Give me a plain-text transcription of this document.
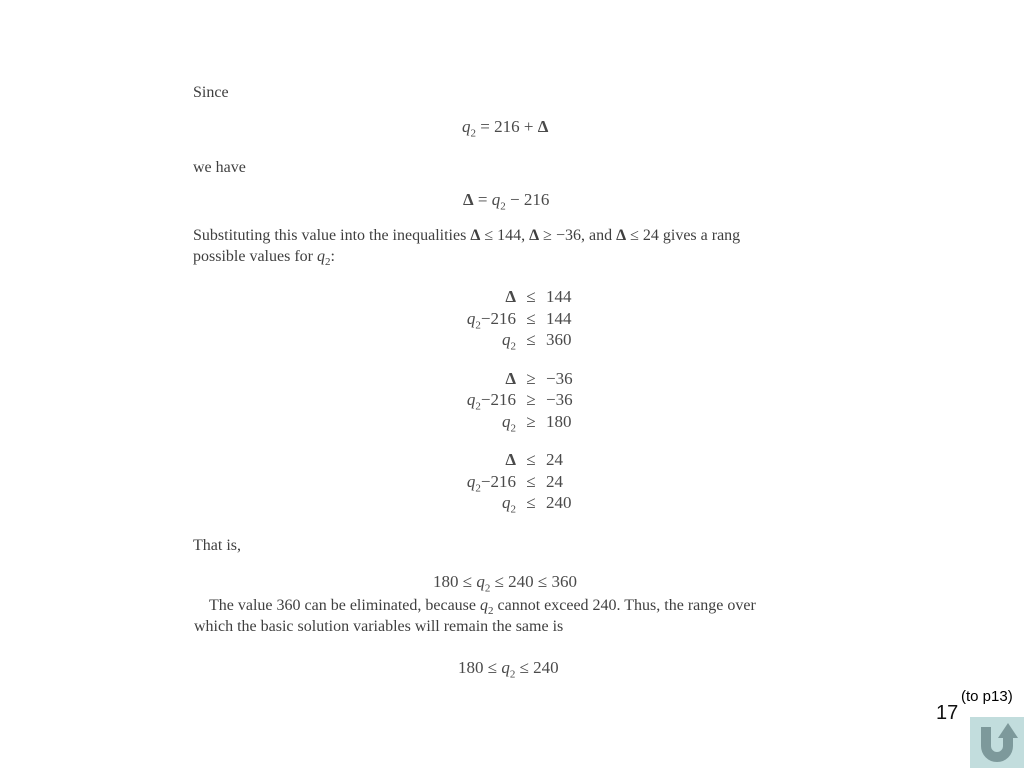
Since
$q_2 = 216 + \Delta$
we have
$\Delta = q_2 - 216$
Substituting this value into the inequalities Δ ≤ 144, Δ ≥ −36, and Δ ≤ 24 gives a rang
possible values for $q_2$:
Δ ≤ 144
$q_2-216 \le 144$
$q_2 \le 360$
Δ ≥ −36
$q_2-216 \ge -36$
$q_2 \ge 180$
Δ ≤ 24
$q_2-216 \le 24$
$q_2 \le 240$
That is,
$180 \le q_2 \le 240 \le 360$
The value 360 can be eliminated, because $q_2$ cannot exceed 240. Thus, the range over
which the basic solution variables will remain the same is
$180 \le q_2 \le 240$
(to p13)
17
